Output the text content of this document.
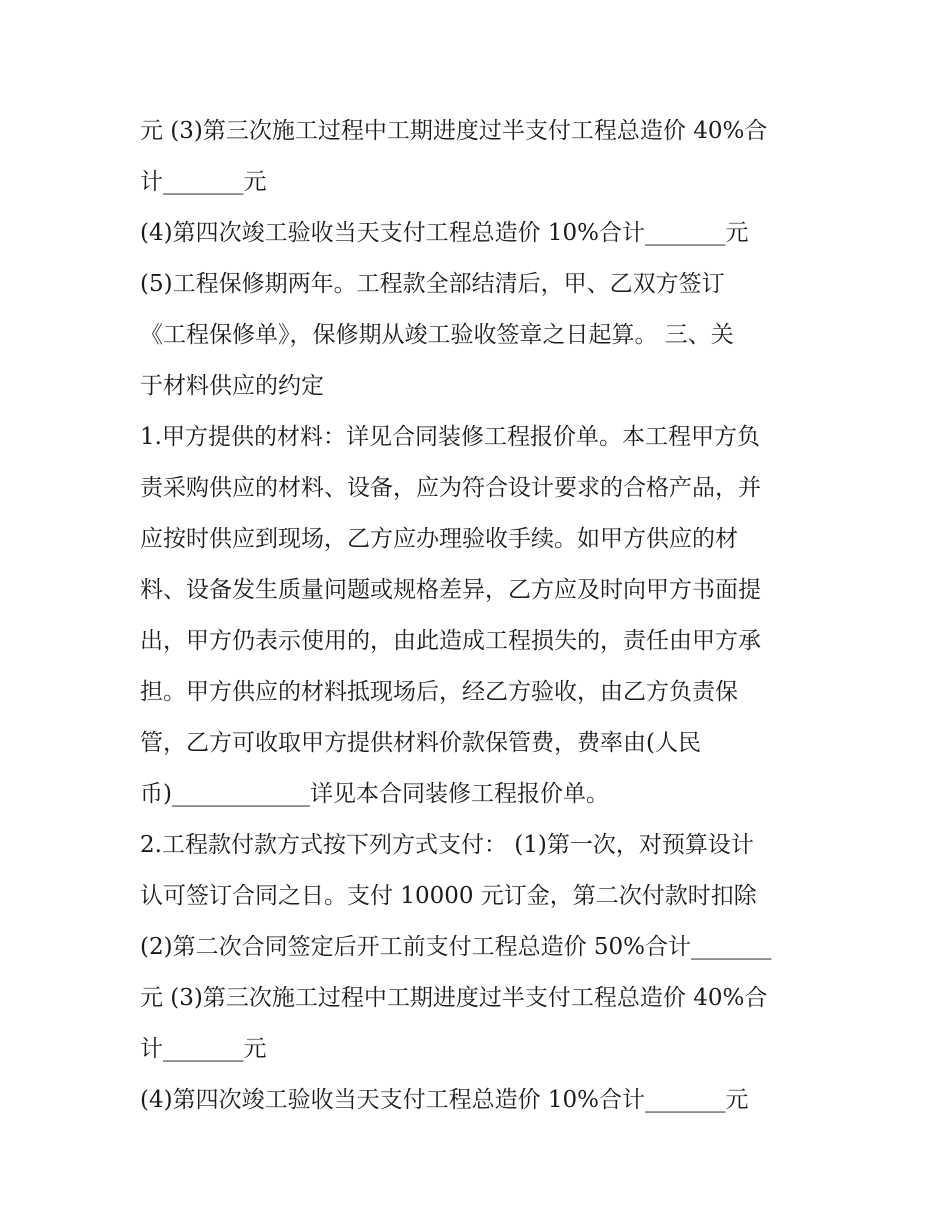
元 (3)第三次施工过程中工期进度过半支付工程总造价 40%合
计_______元
(4)第四次竣工验收当天支付工程总造价 10%合计_______元
(5)工程保修期两年。工程款全部结清后，甲、乙双方签订
《工程保修单》，保修期从竣工验收签章之日起算。 三、关
于材料供应的约定
1.甲方提供的材料：详见合同装修工程报价单。本工程甲方负
责采购供应的材料、设备，应为符合设计要求的合格产品，并
应按时供应到现场，乙方应办理验收手续。如甲方供应的材
料、设备发生质量问题或规格差异，乙方应及时向甲方书面提
出，甲方仍表示使用的，由此造成工程损失的，责任由甲方承
担。甲方供应的材料抵现场后，经乙方验收，由乙方负责保
管，乙方可收取甲方提供材料价款保管费，费率由(人民
币)____________详见本合同装修工程报价单。
2.工程款付款方式按下列方式支付： (1)第一次，对预算设计
认可签订合同之日。支付 10000 元订金，第二次付款时扣除
(2)第二次合同签定后开工前支付工程总造价 50%合计_______
元 (3)第三次施工过程中工期进度过半支付工程总造价 40%合
计_______元
(4)第四次竣工验收当天支付工程总造价 10%合计_______元
